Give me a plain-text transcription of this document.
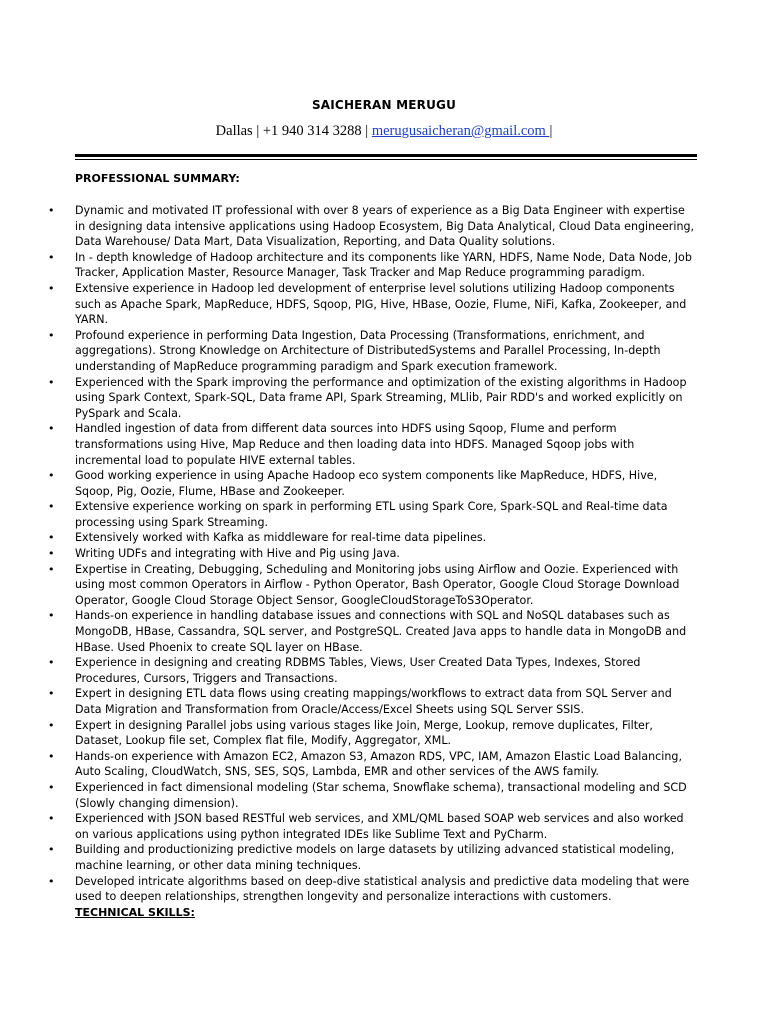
SAICHERAN MERUGU
Dallas | +1 940 314 3288 | merugusaicheran@gmail.com |
PROFESSIONAL SUMMARY:
• Dynamic and motivated IT professional with over 8 years of experience as a Big Data Engineer with expertise in designing data intensive applications using Hadoop Ecosystem, Big Data Analytical, Cloud Data engineering, Data Warehouse/ Data Mart, Data Visualization, Reporting, and Data Quality solutions.
• In - depth knowledge of Hadoop architecture and its components like YARN, HDFS, Name Node, Data Node, Job Tracker, Application Master, Resource Manager, Task Tracker and Map Reduce programming paradigm.
• Extensive experience in Hadoop led development of enterprise level solutions utilizing Hadoop components such as Apache Spark, MapReduce, HDFS, Sqoop, PIG, Hive, HBase, Oozie, Flume, NiFi, Kafka, Zookeeper, and YARN.
• Profound experience in performing Data Ingestion, Data Processing (Transformations, enrichment, and aggregations). Strong Knowledge on Architecture of DistributedSystems and Parallel Processing, In-depth understanding of MapReduce programming paradigm and Spark execution framework.
• Experienced with the Spark improving the performance and optimization of the existing algorithms in Hadoop using Spark Context, Spark-SQL, Data frame API, Spark Streaming, MLlib, Pair RDD's and worked explicitly on PySpark and Scala.
• Handled ingestion of data from different data sources into HDFS using Sqoop, Flume and perform transformations using Hive, Map Reduce and then loading data into HDFS. Managed Sqoop jobs with incremental load to populate HIVE external tables.
• Good working experience in using Apache Hadoop eco system components like MapReduce, HDFS, Hive, Sqoop, Pig, Oozie, Flume, HBase and Zookeeper.
• Extensive experience working on spark in performing ETL using Spark Core, Spark-SQL and Real-time data processing using Spark Streaming.
• Extensively worked with Kafka as middleware for real-time data pipelines.
• Writing UDFs and integrating with Hive and Pig using Java.
• Expertise in Creating, Debugging, Scheduling and Monitoring jobs using Airflow and Oozie. Experienced with using most common Operators in Airflow - Python Operator, Bash Operator, Google Cloud Storage Download Operator, Google Cloud Storage Object Sensor, GoogleCloudStorageToS3Operator.
• Hands-on experience in handling database issues and connections with SQL and NoSQL databases such as MongoDB, HBase, Cassandra, SQL server, and PostgreSQL. Created Java apps to handle data in MongoDB and HBase. Used Phoenix to create SQL layer on HBase.
• Experience in designing and creating RDBMS Tables, Views, User Created Data Types, Indexes, Stored Procedures, Cursors, Triggers and Transactions.
• Expert in designing ETL data flows using creating mappings/workflows to extract data from SQL Server and Data Migration and Transformation from Oracle/Access/Excel Sheets using SQL Server SSIS.
• Expert in designing Parallel jobs using various stages like Join, Merge, Lookup, remove duplicates, Filter, Dataset, Lookup file set, Complex flat file, Modify, Aggregator, XML.
• Hands-on experience with Amazon EC2, Amazon S3, Amazon RDS, VPC, IAM, Amazon Elastic Load Balancing, Auto Scaling, CloudWatch, SNS, SES, SQS, Lambda, EMR and other services of the AWS family.
• Experienced in fact dimensional modeling (Star schema, Snowflake schema), transactional modeling and SCD (Slowly changing dimension).
• Experienced with JSON based RESTful web services, and XML/QML based SOAP web services and also worked on various applications using python integrated IDEs like Sublime Text and PyCharm.
• Building and productionizing predictive models on large datasets by utilizing advanced statistical modeling, machine learning, or other data mining techniques.
• Developed intricate algorithms based on deep-dive statistical analysis and predictive data modeling that were used to deepen relationships, strengthen longevity and personalize interactions with customers.
TECHNICAL SKILLS:
